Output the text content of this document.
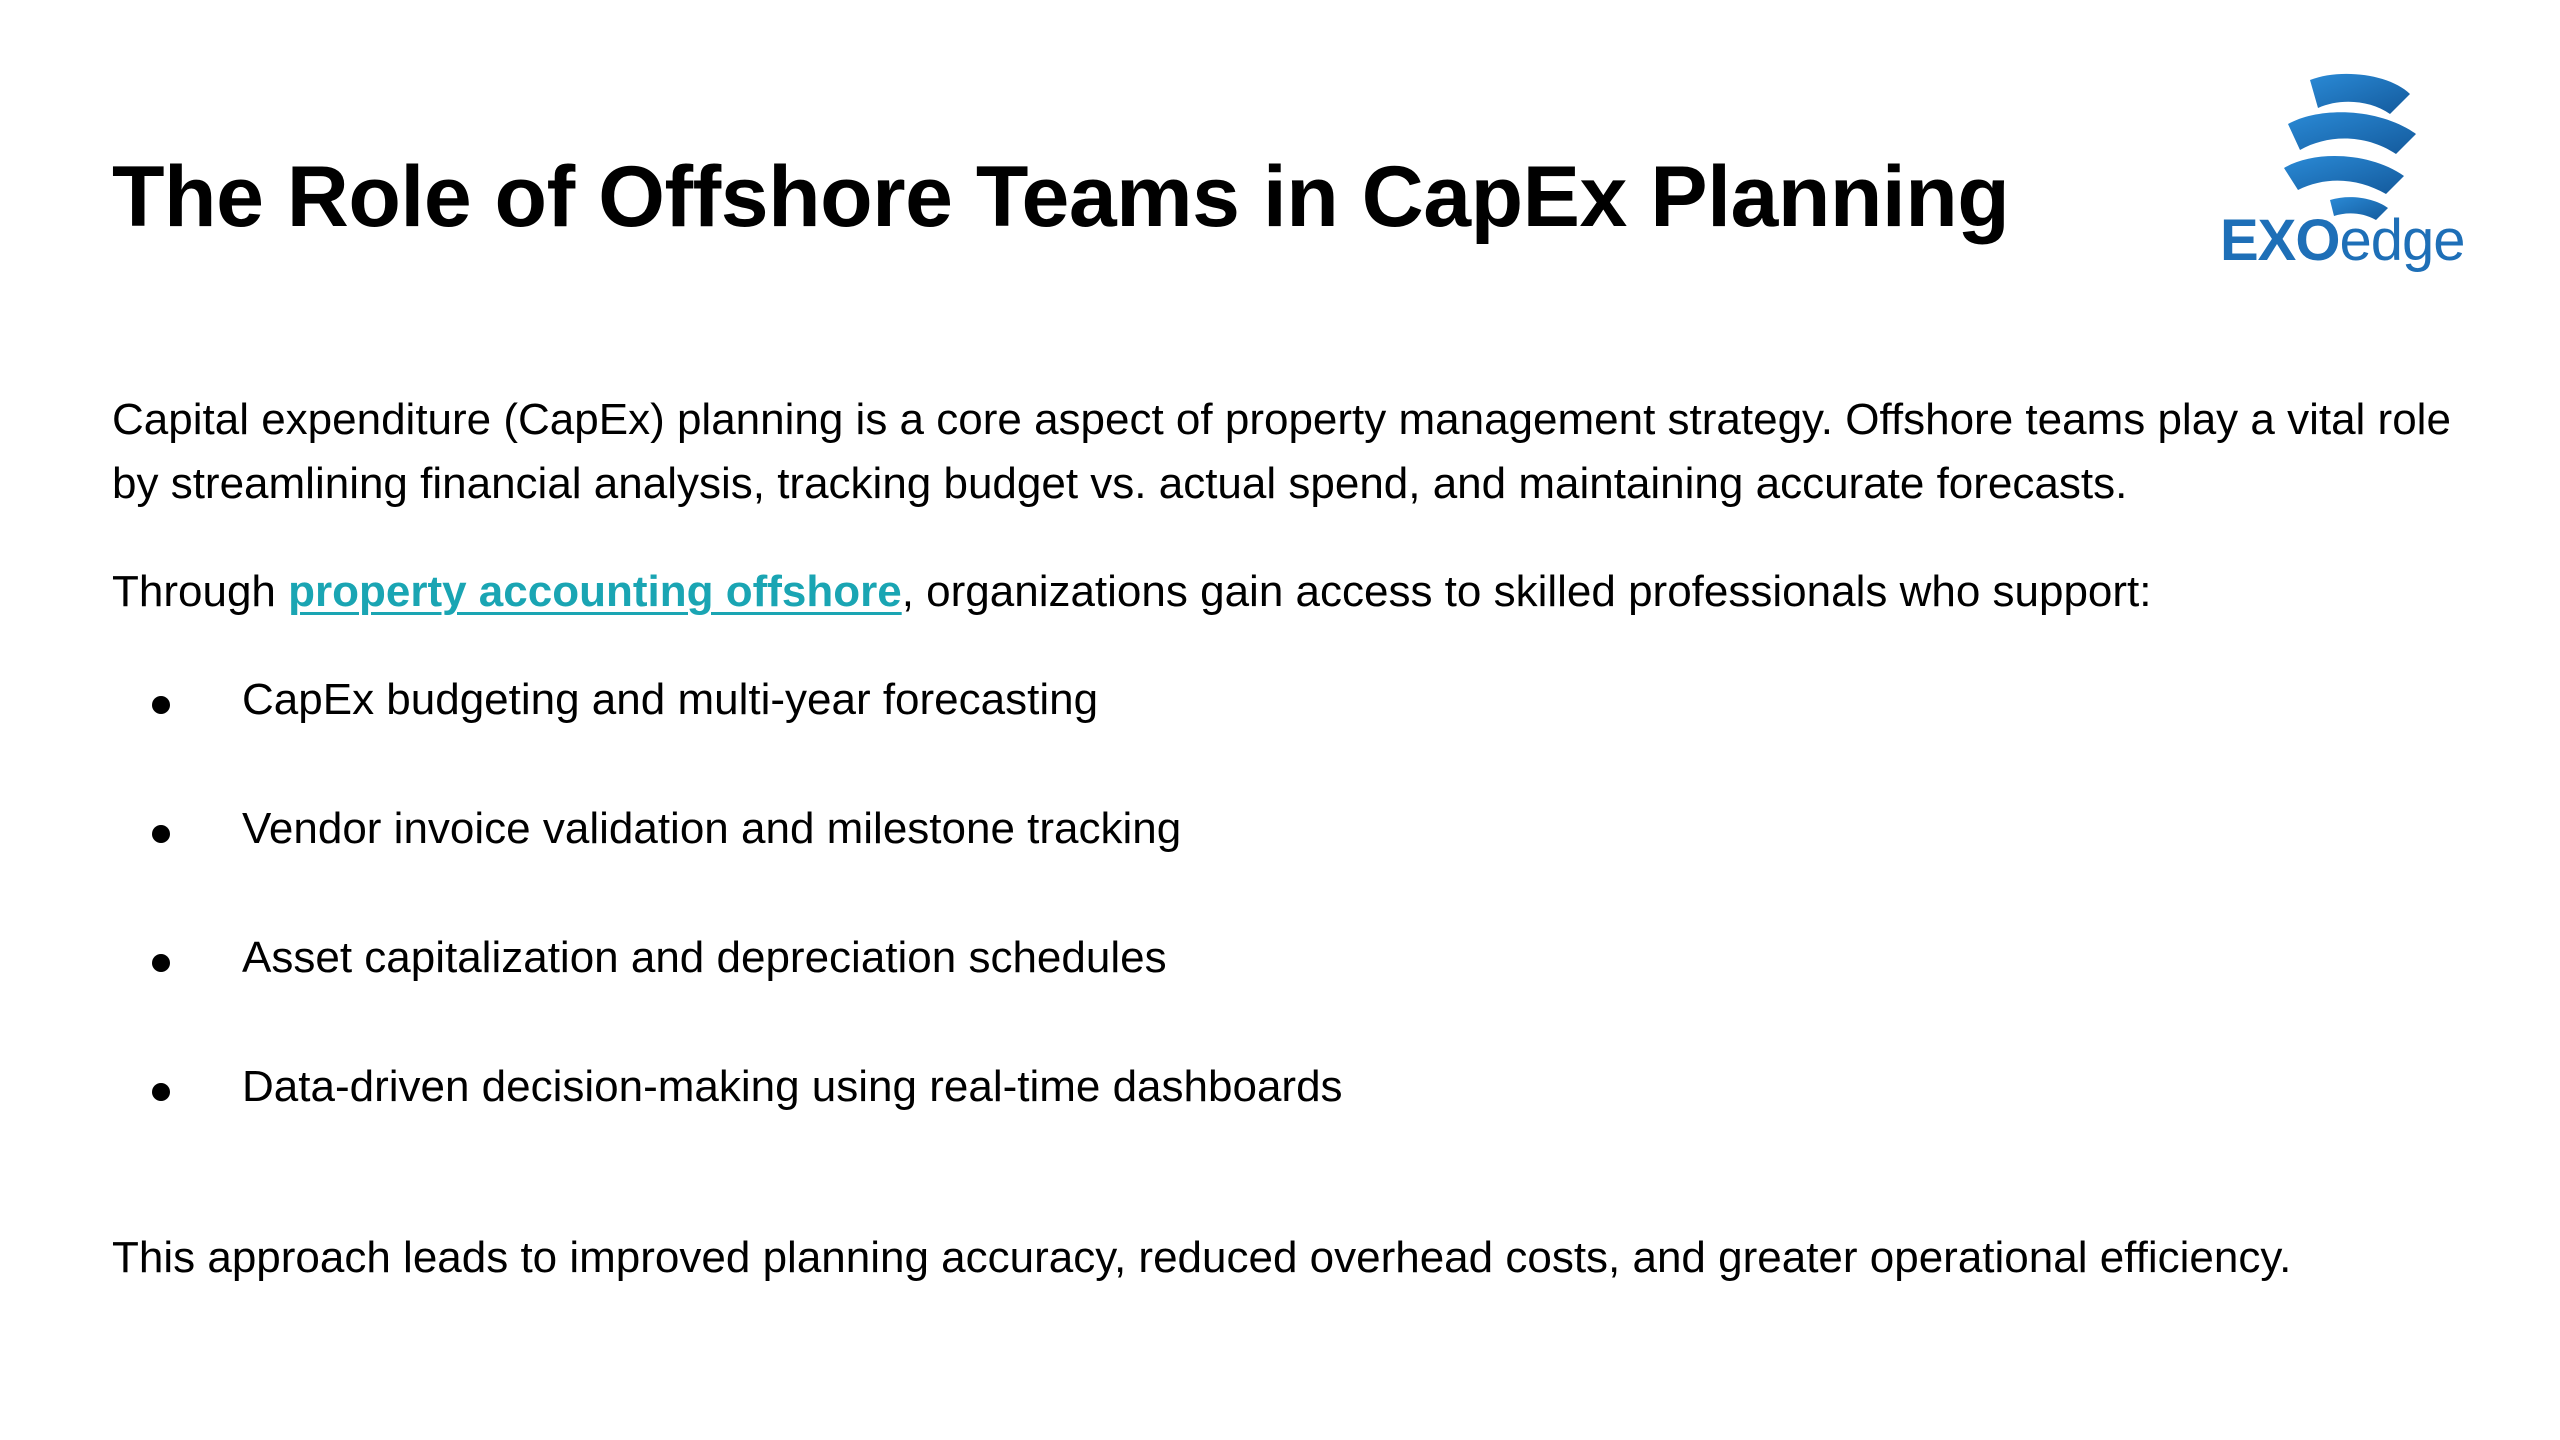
The Role of Offshore Teams in CapEx Planning	EXOedge

Capital expenditure (CapEx) planning is a core aspect of property management strategy. Offshore teams play a vital role by streamlining financial analysis, tracking budget vs. actual spend, and maintaining accurate forecasts.

Through property accounting offshore, organizations gain access to skilled professionals who support:

CapEx budgeting and multi-year forecasting
Vendor invoice validation and milestone tracking
Asset capitalization and depreciation schedules
Data-driven decision-making using real-time dashboards

This approach leads to improved planning accuracy, reduced overhead costs, and greater operational efficiency.
